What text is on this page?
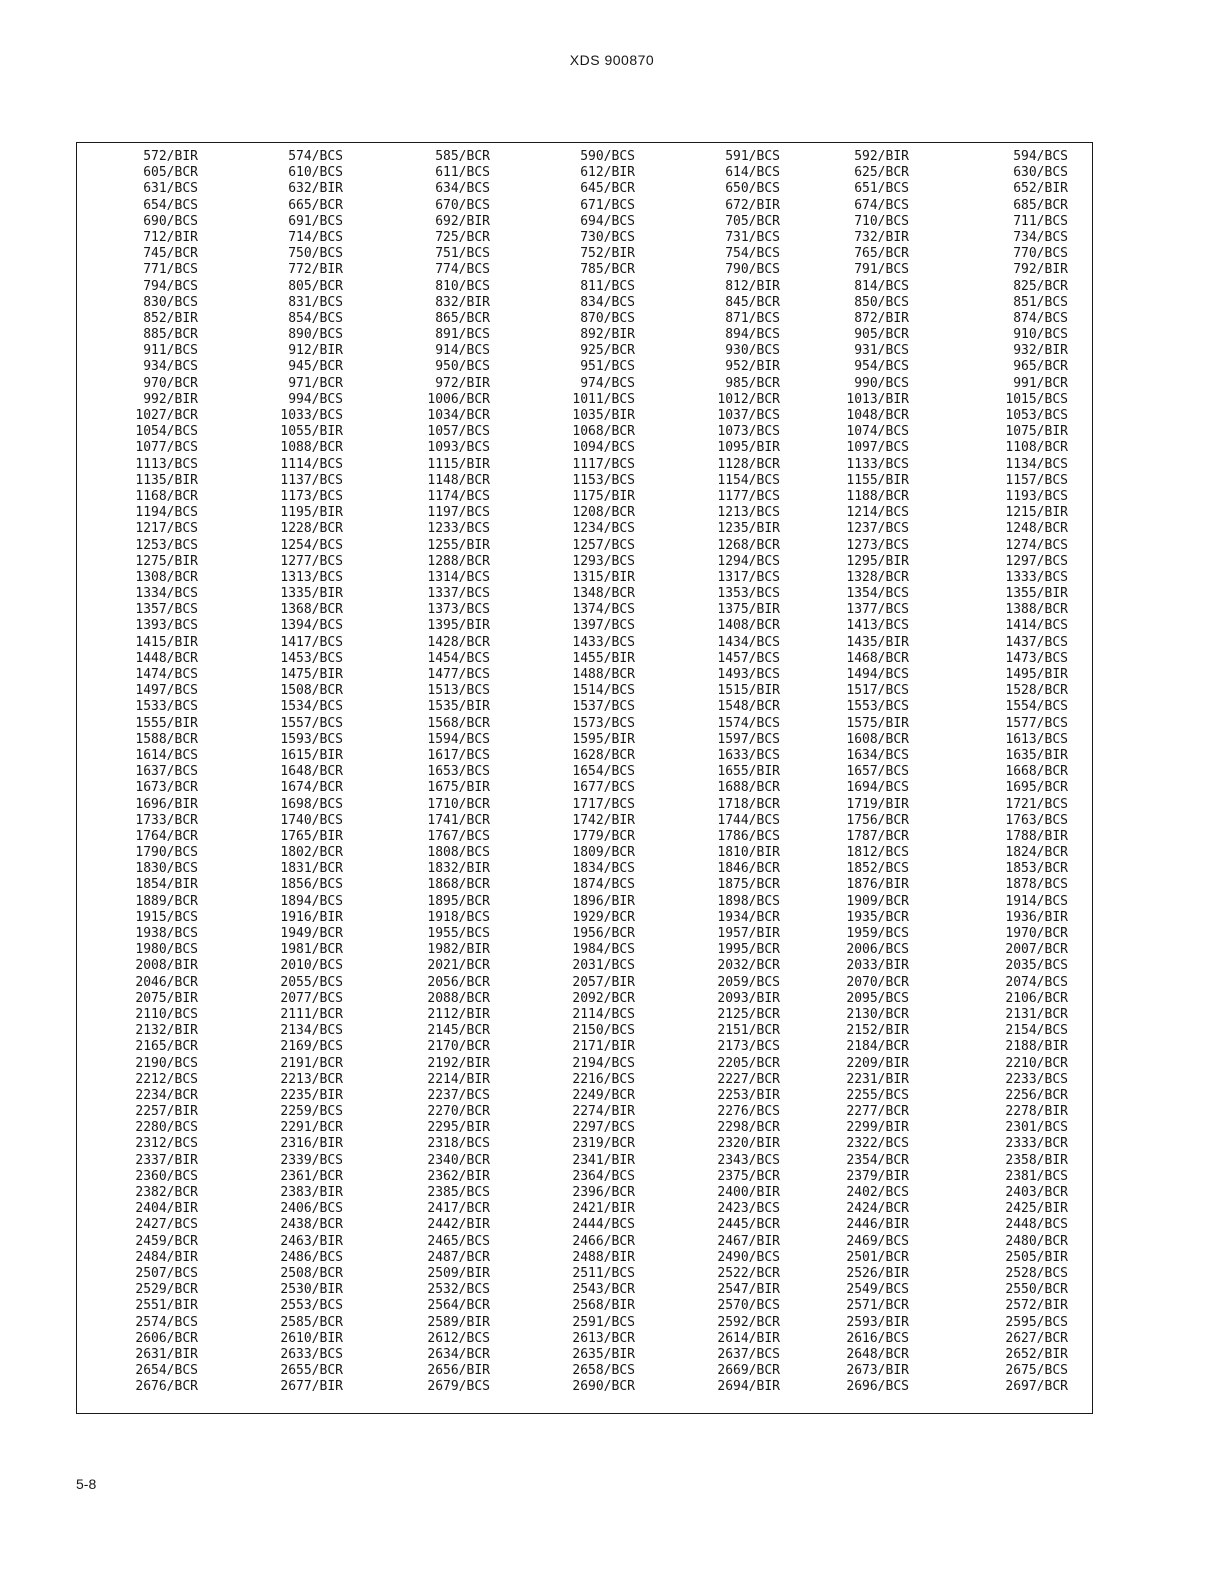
XDS 900870
572/BIR	574/BCS	585/BCR	590/BCS	591/BCS	592/BIR	594/BCS
605/BCR	610/BCS	611/BCS	612/BIR	614/BCS	625/BCR	630/BCS
631/BCS	632/BIR	634/BCS	645/BCR	650/BCS	651/BCS	652/BIR
654/BCS	665/BCR	670/BCS	671/BCS	672/BIR	674/BCS	685/BCR
690/BCS	691/BCS	692/BIR	694/BCS	705/BCR	710/BCS	711/BCS
712/BIR	714/BCS	725/BCR	730/BCS	731/BCS	732/BIR	734/BCS
745/BCR	750/BCS	751/BCS	752/BIR	754/BCS	765/BCR	770/BCS
771/BCS	772/BIR	774/BCS	785/BCR	790/BCS	791/BCS	792/BIR
794/BCS	805/BCR	810/BCS	811/BCS	812/BIR	814/BCS	825/BCR
830/BCS	831/BCS	832/BIR	834/BCS	845/BCR	850/BCS	851/BCS
852/BIR	854/BCS	865/BCR	870/BCS	871/BCS	872/BIR	874/BCS
885/BCR	890/BCS	891/BCS	892/BIR	894/BCS	905/BCR	910/BCS
911/BCS	912/BIR	914/BCS	925/BCR	930/BCS	931/BCS	932/BIR
934/BCS	945/BCR	950/BCS	951/BCS	952/BIR	954/BCS	965/BCR
970/BCR	971/BCR	972/BIR	974/BCS	985/BCR	990/BCS	991/BCR
992/BIR	994/BCS	1006/BCR	1011/BCS	1012/BCR	1013/BIR	1015/BCS
1027/BCR	1033/BCS	1034/BCR	1035/BIR	1037/BCS	1048/BCR	1053/BCS
1054/BCS	1055/BIR	1057/BCS	1068/BCR	1073/BCS	1074/BCS	1075/BIR
1077/BCS	1088/BCR	1093/BCS	1094/BCS	1095/BIR	1097/BCS	1108/BCR
1113/BCS	1114/BCS	1115/BIR	1117/BCS	1128/BCR	1133/BCS	1134/BCS
1135/BIR	1137/BCS	1148/BCR	1153/BCS	1154/BCS	1155/BIR	1157/BCS
1168/BCR	1173/BCS	1174/BCS	1175/BIR	1177/BCS	1188/BCR	1193/BCS
1194/BCS	1195/BIR	1197/BCS	1208/BCR	1213/BCS	1214/BCS	1215/BIR
1217/BCS	1228/BCR	1233/BCS	1234/BCS	1235/BIR	1237/BCS	1248/BCR
1253/BCS	1254/BCS	1255/BIR	1257/BCS	1268/BCR	1273/BCS	1274/BCS
1275/BIR	1277/BCS	1288/BCR	1293/BCS	1294/BCS	1295/BIR	1297/BCS
1308/BCR	1313/BCS	1314/BCS	1315/BIR	1317/BCS	1328/BCR	1333/BCS
1334/BCS	1335/BIR	1337/BCS	1348/BCR	1353/BCS	1354/BCS	1355/BIR
1357/BCS	1368/BCR	1373/BCS	1374/BCS	1375/BIR	1377/BCS	1388/BCR
1393/BCS	1394/BCS	1395/BIR	1397/BCS	1408/BCR	1413/BCS	1414/BCS
1415/BIR	1417/BCS	1428/BCR	1433/BCS	1434/BCS	1435/BIR	1437/BCS
1448/BCR	1453/BCS	1454/BCS	1455/BIR	1457/BCS	1468/BCR	1473/BCS
1474/BCS	1475/BIR	1477/BCS	1488/BCR	1493/BCS	1494/BCS	1495/BIR
1497/BCS	1508/BCR	1513/BCS	1514/BCS	1515/BIR	1517/BCS	1528/BCR
1533/BCS	1534/BCS	1535/BIR	1537/BCS	1548/BCR	1553/BCS	1554/BCS
1555/BIR	1557/BCS	1568/BCR	1573/BCS	1574/BCS	1575/BIR	1577/BCS
1588/BCR	1593/BCS	1594/BCS	1595/BIR	1597/BCS	1608/BCR	1613/BCS
1614/BCS	1615/BIR	1617/BCS	1628/BCR	1633/BCS	1634/BCS	1635/BIR
1637/BCS	1648/BCR	1653/BCS	1654/BCS	1655/BIR	1657/BCS	1668/BCR
1673/BCR	1674/BCR	1675/BIR	1677/BCS	1688/BCR	1694/BCS	1695/BCR
1696/BIR	1698/BCS	1710/BCR	1717/BCS	1718/BCR	1719/BIR	1721/BCS
1733/BCR	1740/BCS	1741/BCR	1742/BIR	1744/BCS	1756/BCR	1763/BCS
1764/BCR	1765/BIR	1767/BCS	1779/BCR	1786/BCS	1787/BCR	1788/BIR
1790/BCS	1802/BCR	1808/BCS	1809/BCR	1810/BIR	1812/BCS	1824/BCR
1830/BCS	1831/BCR	1832/BIR	1834/BCS	1846/BCR	1852/BCS	1853/BCR
1854/BIR	1856/BCS	1868/BCR	1874/BCS	1875/BCR	1876/BIR	1878/BCS
1889/BCR	1894/BCS	1895/BCR	1896/BIR	1898/BCS	1909/BCR	1914/BCS
1915/BCS	1916/BIR	1918/BCS	1929/BCR	1934/BCR	1935/BCR	1936/BIR
1938/BCS	1949/BCR	1955/BCS	1956/BCR	1957/BIR	1959/BCS	1970/BCR
1980/BCS	1981/BCR	1982/BIR	1984/BCS	1995/BCR	2006/BCS	2007/BCR
2008/BIR	2010/BCS	2021/BCR	2031/BCS	2032/BCR	2033/BIR	2035/BCS
2046/BCR	2055/BCS	2056/BCR	2057/BIR	2059/BCS	2070/BCR	2074/BCS
2075/BIR	2077/BCS	2088/BCR	2092/BCR	2093/BIR	2095/BCS	2106/BCR
2110/BCS	2111/BCR	2112/BIR	2114/BCS	2125/BCR	2130/BCR	2131/BCR
2132/BIR	2134/BCS	2145/BCR	2150/BCS	2151/BCR	2152/BIR	2154/BCS
2165/BCR	2169/BCS	2170/BCR	2171/BIR	2173/BCS	2184/BCR	2188/BIR
2190/BCS	2191/BCR	2192/BIR	2194/BCS	2205/BCR	2209/BIR	2210/BCR
2212/BCS	2213/BCR	2214/BIR	2216/BCS	2227/BCR	2231/BIR	2233/BCS
2234/BCR	2235/BIR	2237/BCS	2249/BCR	2253/BIR	2255/BCS	2256/BCR
2257/BIR	2259/BCS	2270/BCR	2274/BIR	2276/BCS	2277/BCR	2278/BIR
2280/BCS	2291/BCR	2295/BIR	2297/BCS	2298/BCR	2299/BIR	2301/BCS
2312/BCS	2316/BIR	2318/BCS	2319/BCR	2320/BIR	2322/BCS	2333/BCR
2337/BIR	2339/BCS	2340/BCR	2341/BIR	2343/BCS	2354/BCR	2358/BIR
2360/BCS	2361/BCR	2362/BIR	2364/BCS	2375/BCR	2379/BIR	2381/BCS
2382/BCR	2383/BIR	2385/BCS	2396/BCR	2400/BIR	2402/BCS	2403/BCR
2404/BIR	2406/BCS	2417/BCR	2421/BIR	2423/BCS	2424/BCR	2425/BIR
2427/BCS	2438/BCR	2442/BIR	2444/BCS	2445/BCR	2446/BIR	2448/BCS
2459/BCR	2463/BIR	2465/BCS	2466/BCR	2467/BIR	2469/BCS	2480/BCR
2484/BIR	2486/BCS	2487/BCR	2488/BIR	2490/BCS	2501/BCR	2505/BIR
2507/BCS	2508/BCR	2509/BIR	2511/BCS	2522/BCR	2526/BIR	2528/BCS
2529/BCR	2530/BIR	2532/BCS	2543/BCR	2547/BIR	2549/BCS	2550/BCR
2551/BIR	2553/BCS	2564/BCR	2568/BIR	2570/BCS	2571/BCR	2572/BIR
2574/BCS	2585/BCR	2589/BIR	2591/BCS	2592/BCR	2593/BIR	2595/BCS
2606/BCR	2610/BIR	2612/BCS	2613/BCR	2614/BIR	2616/BCS	2627/BCR
2631/BIR	2633/BCS	2634/BCR	2635/BIR	2637/BCS	2648/BCR	2652/BIR
2654/BCS	2655/BCR	2656/BIR	2658/BCS	2669/BCR	2673/BIR	2675/BCS
2676/BCR	2677/BIR	2679/BCS	2690/BCR	2694/BIR	2696/BCS	2697/BCR
5-8
